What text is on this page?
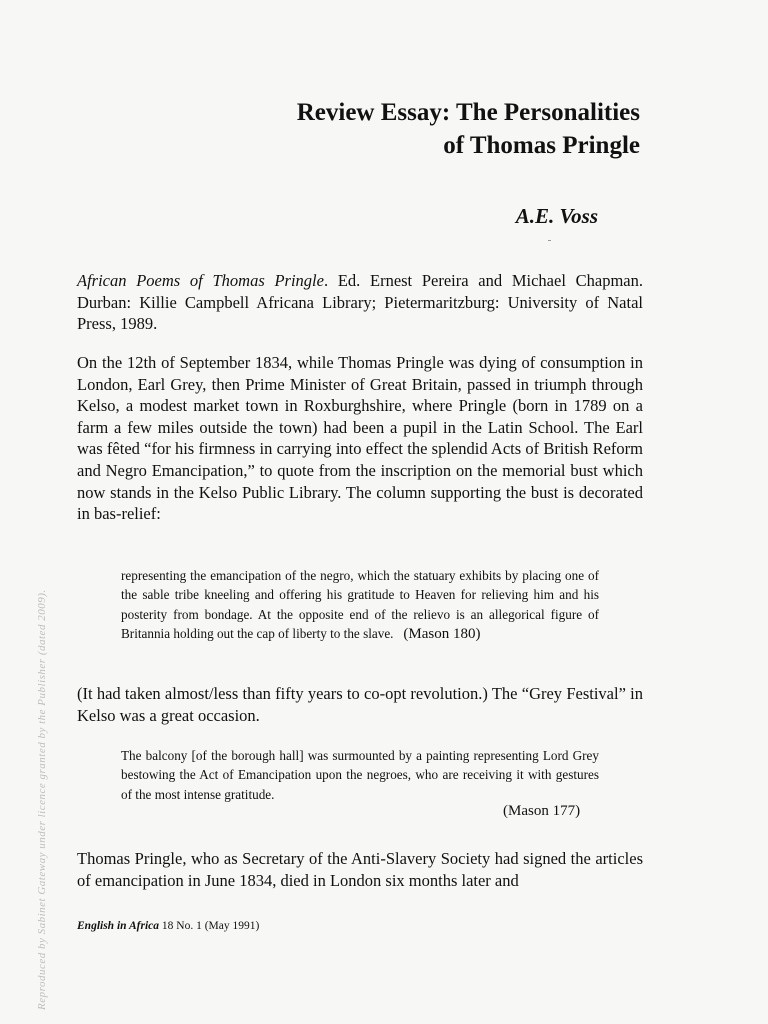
Review Essay: The Personalities
of Thomas Pringle
A.E. Voss

African Poems of Thomas Pringle. Ed. Ernest Pereira and Michael Chapman. Durban: Killie Campbell Africana Library; Pietermaritzburg: University of Natal Press, 1989.

On the 12th of September 1834, while Thomas Pringle was dying of consumption in London, Earl Grey, then Prime Minister of Great Britain, passed in triumph through Kelso, a modest market town in Roxburghshire, where Pringle (born in 1789 on a farm a few miles outside the town) had been a pupil in the Latin School. The Earl was fêted “for his firmness in carrying into effect the splendid Acts of British Reform and Negro Emancipation,” to quote from the inscription on the memorial bust which now stands in the Kelso Public Library. The column supporting the bust is decorated in bas-relief:

representing the emancipation of the negro, which the statuary exhibits by placing one of the sable tribe kneeling and offering his gratitude to Heaven for relieving him and his posterity from bondage. At the opposite end of the relievo is an allegorical figure of Britannia holding out the cap of liberty to the slave. (Mason 180)

(It had taken almost/less than fifty years to co-opt revolution.) The “Grey Festival” in Kelso was a great occasion.

The balcony [of the borough hall] was surmounted by a painting representing Lord Grey bestowing the Act of Emancipation upon the negroes, who are receiving it with gestures of the most intense gratitude.

(Mason 177)

Thomas Pringle, who as Secretary of the Anti-Slavery Society had signed the articles of emancipation in June 1834, died in London six months later and

English in Africa 18 No. 1 (May 1991)
Reproduced by Sabinet Gateway under licence granted by the Publisher (dated 2009).
